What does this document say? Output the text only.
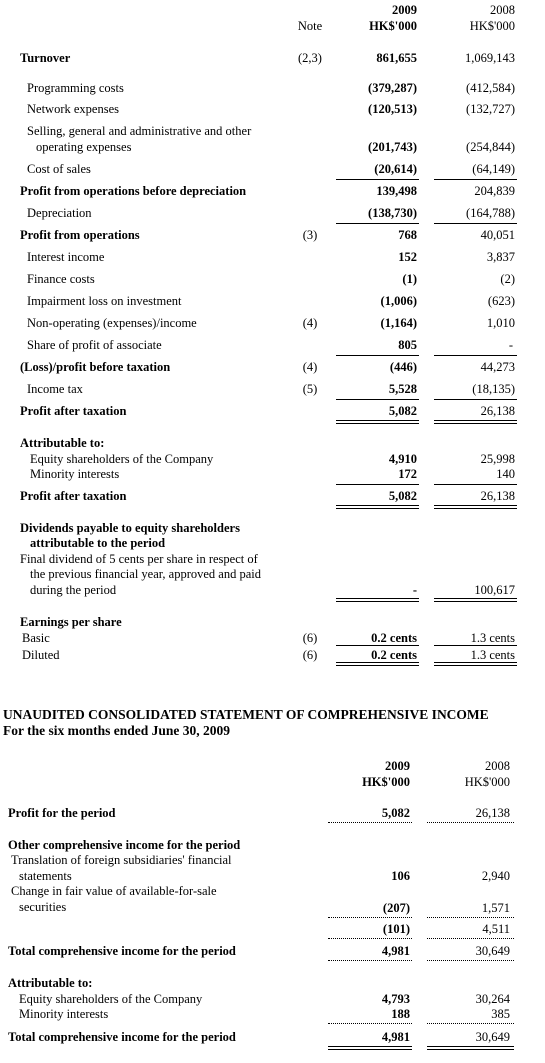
Note
2009
HK$'000
2008
HK$'000
Turnover	(2,3)	861,655	1,069,143
Programming costs	(379,287)	(412,584)
Network expenses	(120,513)	(132,727)
Selling, general and administrative and other
operating expenses	(201,743)	(254,844)
Cost of sales	(20,614)	(64,149)
Profit from operations before depreciation	139,498	204,839
Depreciation	(138,730)	(164,788)
Profit from operations	(3)	768	40,051
Interest income	152	3,837
Finance costs	(1)	(2)
Impairment loss on investment	(1,006)	(623)
Non-operating (expenses)/income	(4)	(1,164)	1,010
Share of profit of associate	805	-
(Loss)/profit before taxation	(4)	(446)	44,273
Income tax	(5)	5,528	(18,135)
Profit after taxation	5,082	26,138
Attributable to:
Equity shareholders of the Company	4,910	25,998
Minority interests	172	140
Profit after taxation	5,082	26,138
Dividends payable to equity shareholders
attributable to the period
Final dividend of 5 cents per share in respect of
the previous financial year, approved and paid
during the period	-	100,617
Earnings per share
Basic	(6)	0.2 cents	1.3 cents
Diluted	(6)	0.2 cents	1.3 cents
UNAUDITED CONSOLIDATED STATEMENT OF COMPREHENSIVE INCOME
For the six months ended June 30, 2009
2009
HK$'000
2008
HK$'000
Profit for the period	5,082	26,138
Other comprehensive income for the period
Translation of foreign subsidiaries' financial
statements	106	2,940
Change in fair value of available-for-sale
securities	(207)	1,571
(101)	4,511
Total comprehensive income for the period	4,981	30,649
Attributable to:
Equity shareholders of the Company	4,793	30,264
Minority interests	188	385
Total comprehensive income for the period	4,981	30,649
